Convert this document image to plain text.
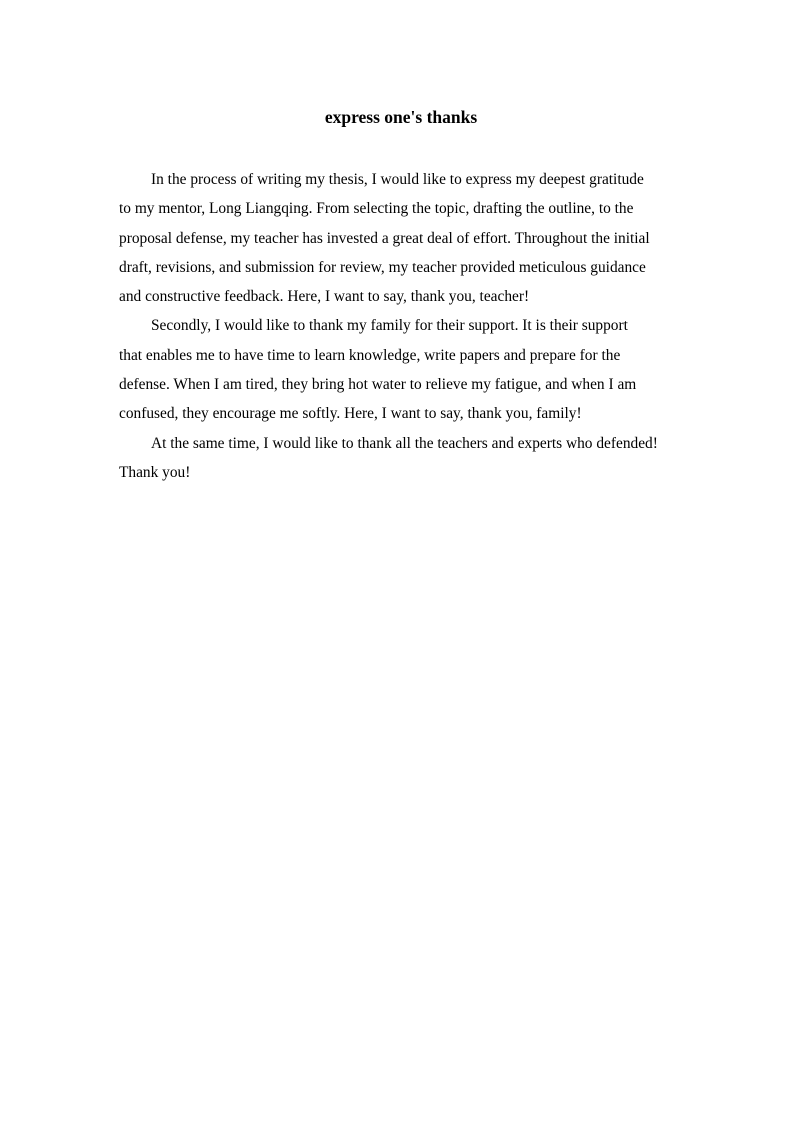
express one's thanks

In the process of writing my thesis, I would like to express my deepest gratitude
to my mentor, Long Liangqing. From selecting the topic, drafting the outline, to the
proposal defense, my teacher has invested a great deal of effort. Throughout the initial
draft, revisions, and submission for review, my teacher provided meticulous guidance
and constructive feedback. Here, I want to say, thank you, teacher!

Secondly, I would like to thank my family for their support. It is their support
that enables me to have time to learn knowledge, write papers and prepare for the
defense. When I am tired, they bring hot water to relieve my fatigue, and when I am
confused, they encourage me softly. Here, I want to say, thank you, family!

At the same time, I would like to thank all the teachers and experts who defended!
Thank you!
